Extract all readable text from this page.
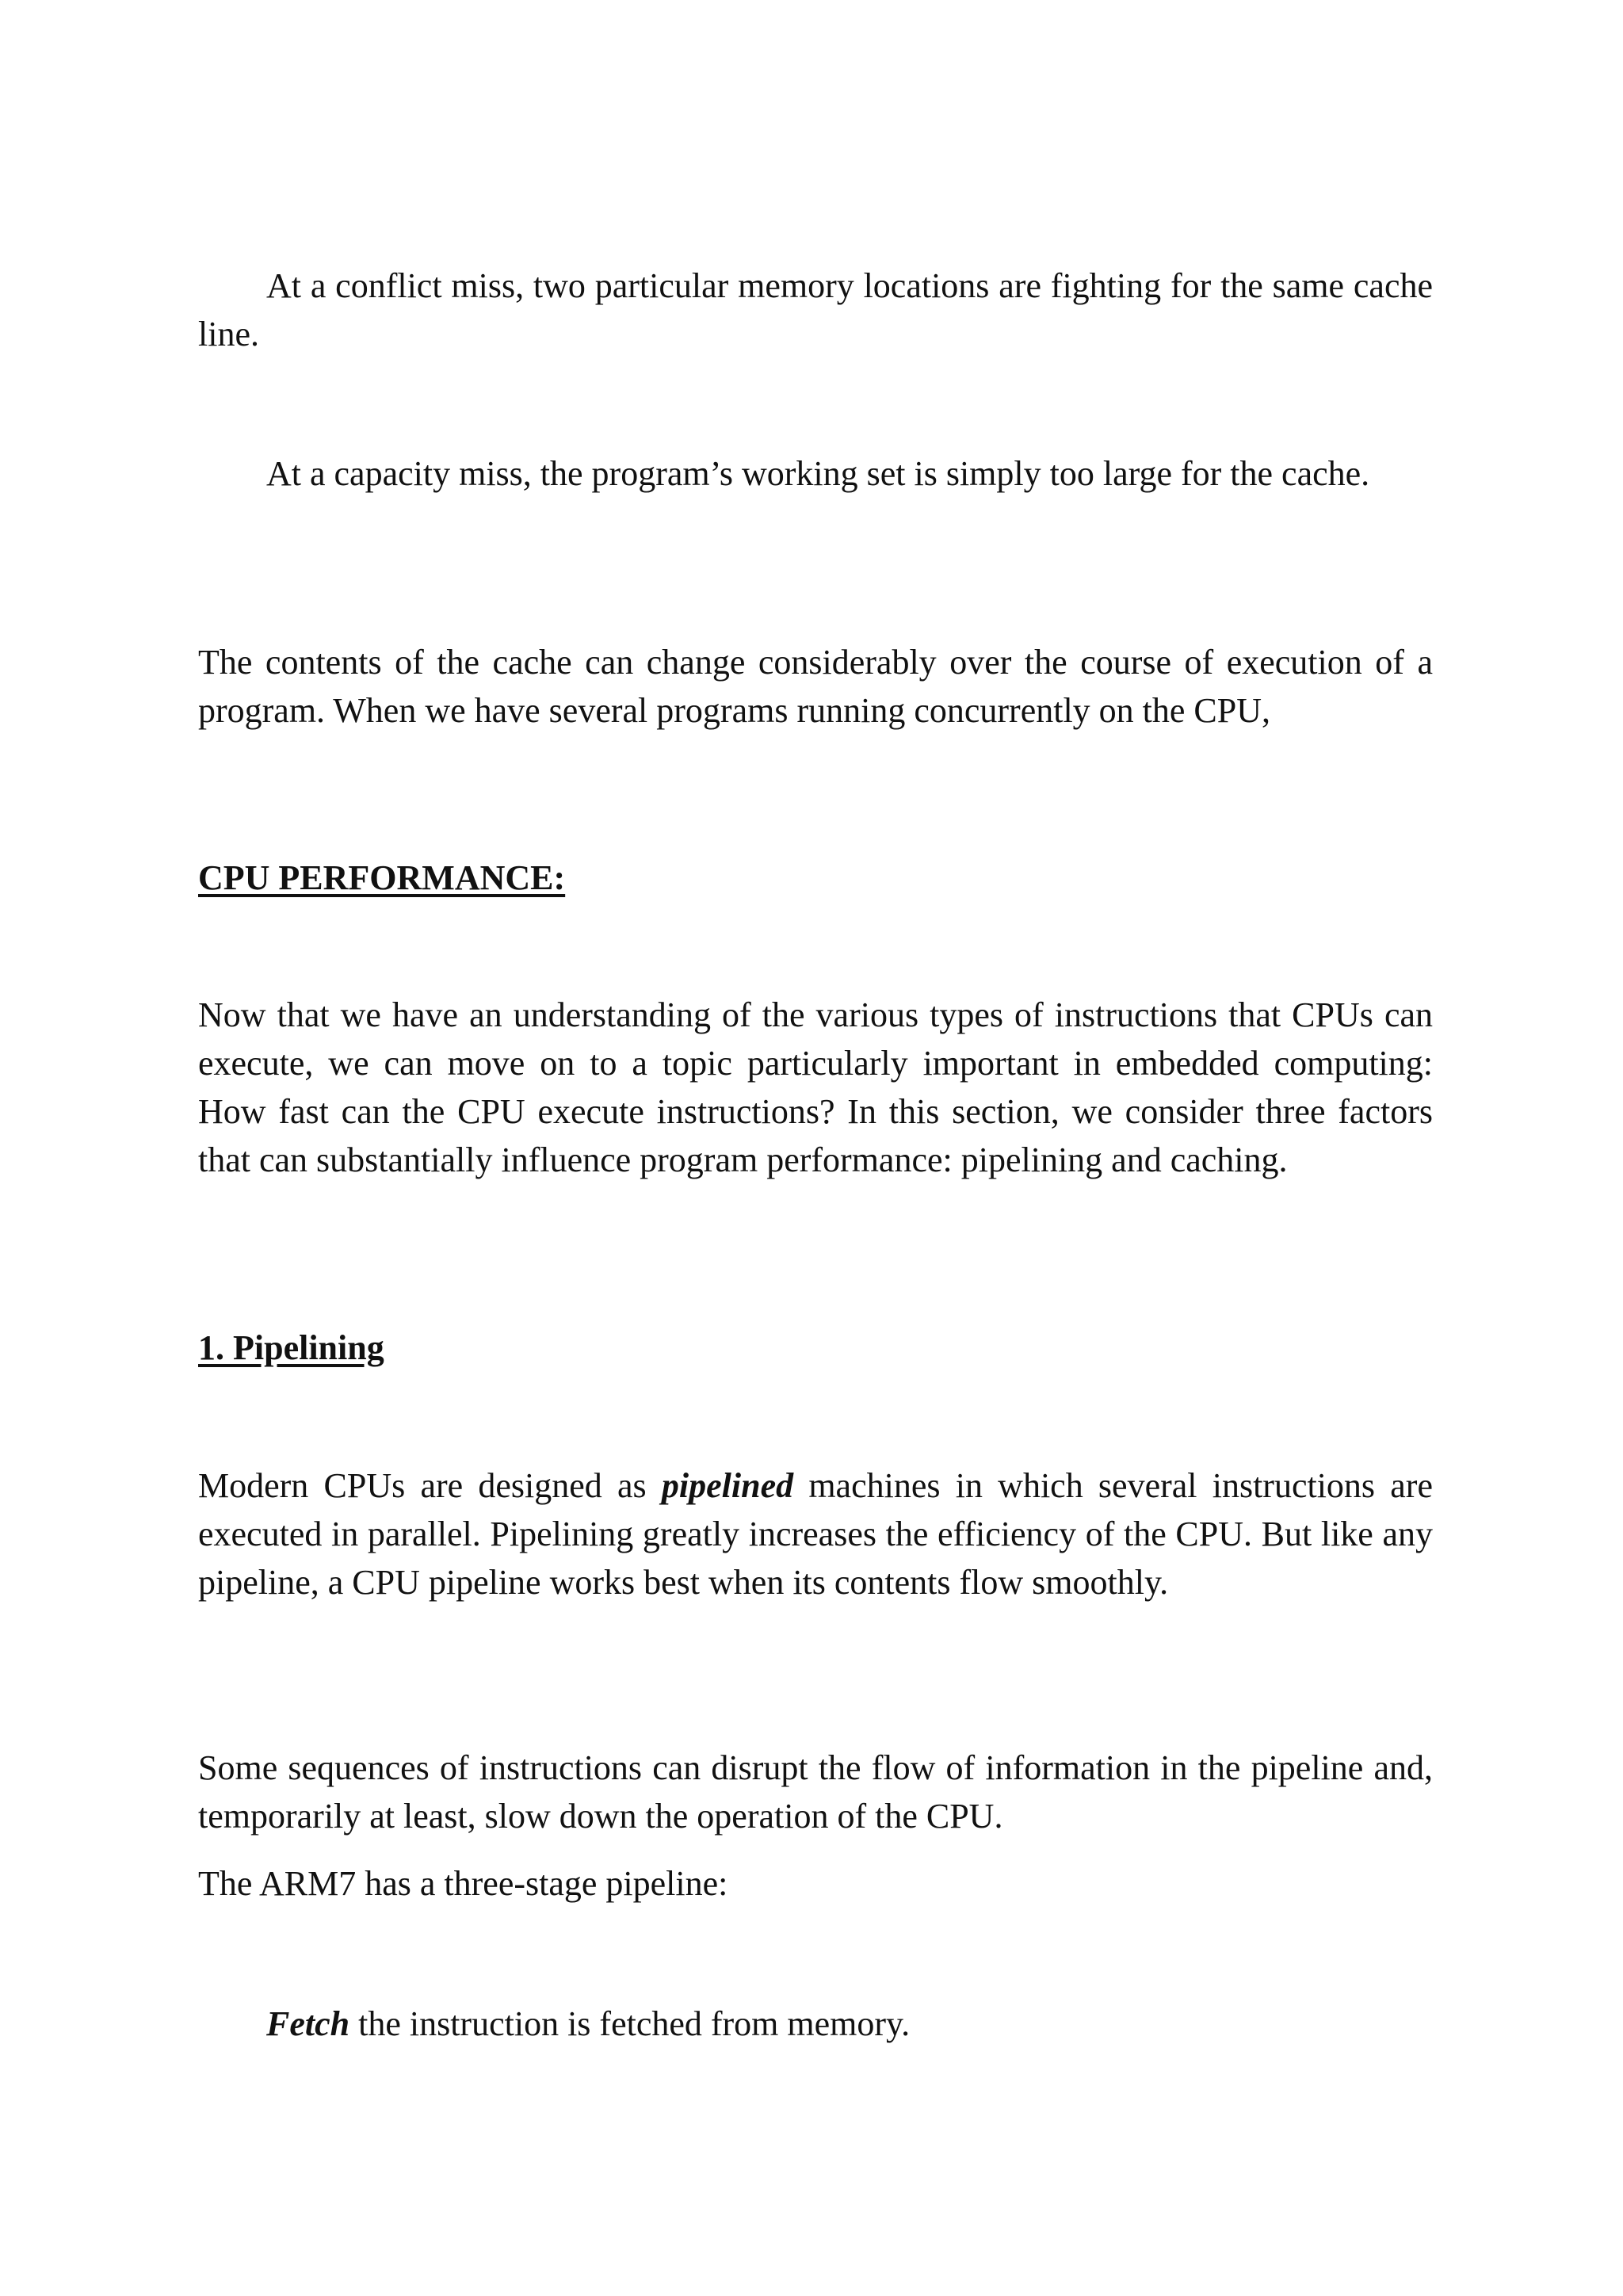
At a conflict miss, two particular memory locations are fighting for the same cache line.

At a capacity miss, the program’s working set is simply too large for the cache.

The contents of the cache can change considerably over the course of execution of a program. When we have several programs running concurrently on the CPU,

CPU PERFORMANCE:

Now that we have an understanding of the various types of instructions that CPUs can execute, we can move on to a topic particularly important in embedded computing: How fast can the CPU execute instructions? In this section, we consider three factors that can substantially influence program performance: pipelining and caching.

1. Pipelining

Modern CPUs are designed as pipelined machines in which several instructions are executed in parallel. Pipelining greatly increases the efficiency of the CPU. But like any pipeline, a CPU pipeline works best when its contents flow smoothly.

Some sequences of instructions can disrupt the flow of information in the pipeline and, temporarily at least, slow down the operation of the CPU.

The ARM7 has a three-stage pipeline:

Fetch the instruction is fetched from memory.
